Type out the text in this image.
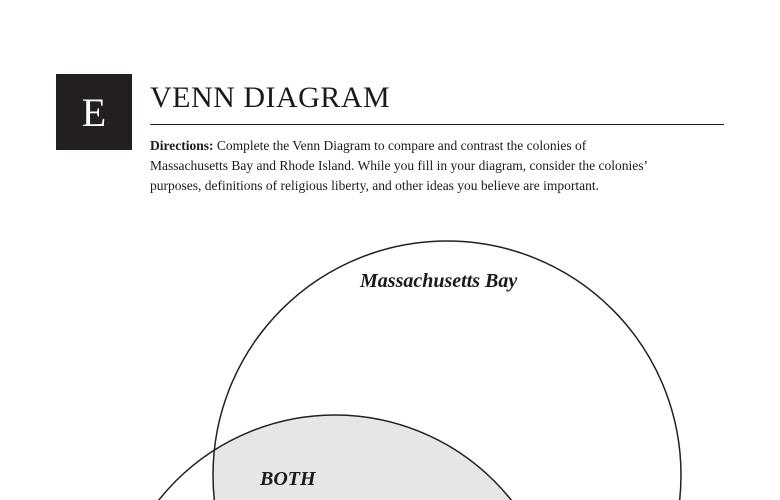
E VENN DIAGRAM
Directions: Complete the Venn Diagram to compare and contrast the colonies of
Massachusetts Bay and Rhode Island. While you fill in your diagram, consider the colonies’
purposes, definitions of religious liberty, and other ideas you believe are important.
Massachusetts Bay
BOTH
